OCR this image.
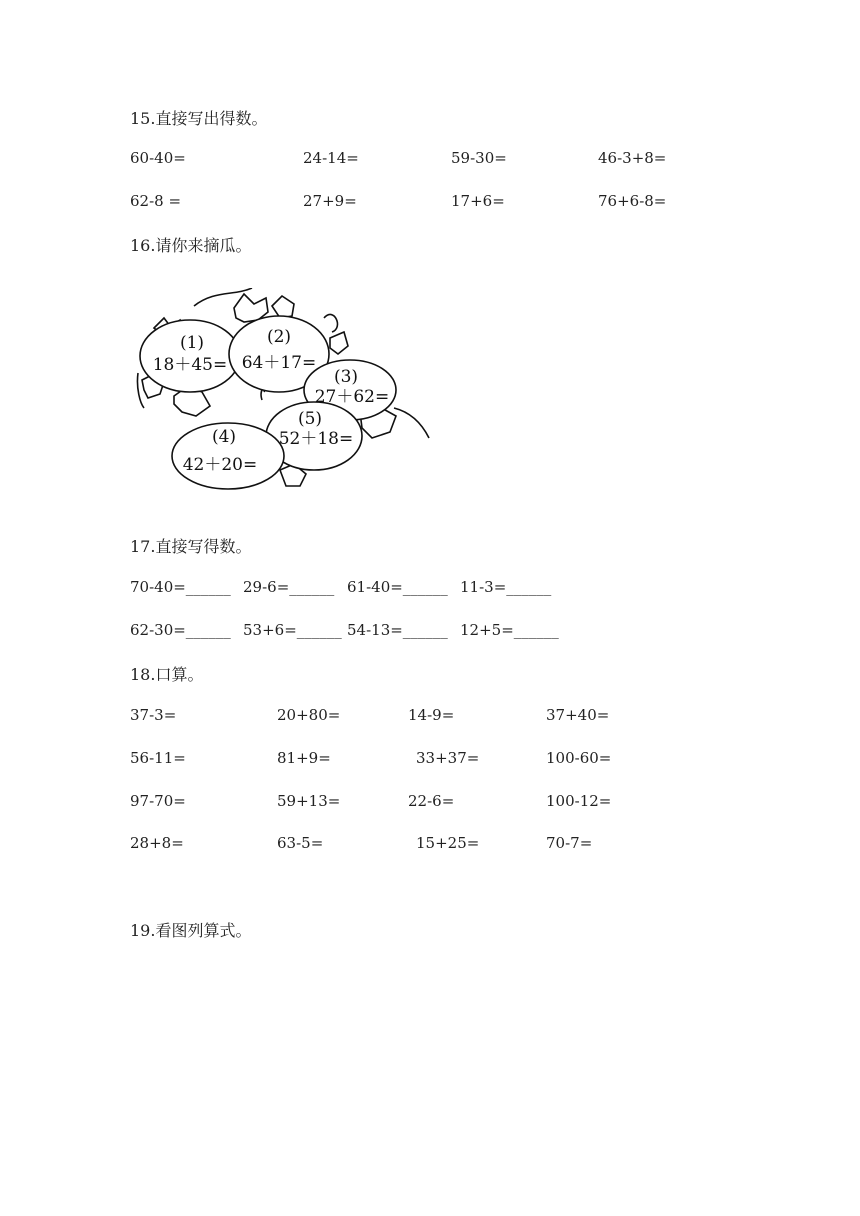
15.直接写出得数。
60-40=	24-14=	59-30=	46-3+8=
62-8 =	27+9=	17+6=	76+6-8=
16.请你来摘瓜。
(1)
18＋45=
(2)
64＋17=
(3)
27＋62=
(4)
42＋20=
(5)
52＋18=
17.直接写得数。
70-40=______ 29-6=______ 61-40=______ 11-3=______
62-30=______ 53+6=______ 54-13=______ 12+5=______
18.口算。
37-3=	20+80=	14-9=	37+40=
56-11=	81+9=	33+37=	100-60=
97-70=	59+13=	22-6=	100-12=
28+8=	63-5=	15+25=	70-7=
19.看图列算式。
